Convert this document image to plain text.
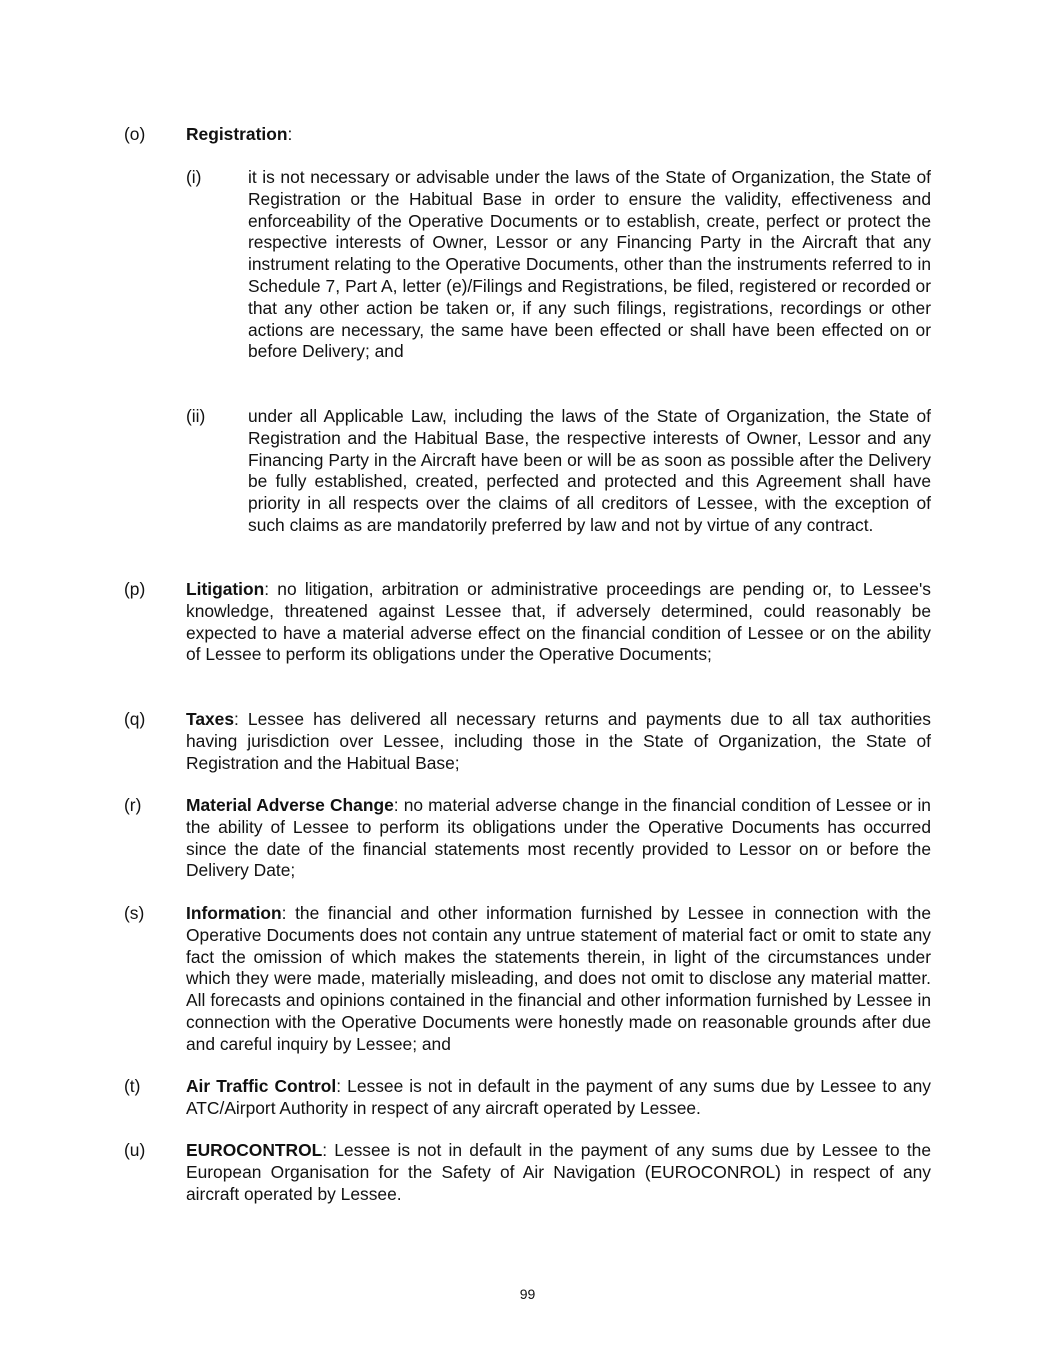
(o)	Registration:
(i)	it is not necessary or advisable under the laws of the State of Organization, the State of Registration or the Habitual Base in order to ensure the validity, effectiveness and enforceability of the Operative Documents or to establish, create, perfect or protect the respective interests of Owner, Lessor or any Financing Party in the Aircraft that any instrument relating to the Operative Documents, other than the instruments referred to in Schedule 7, Part A, letter (e)/Filings and Registrations, be filed, registered or recorded or that any other action be taken or, if any such filings, registrations, recordings or other actions are necessary, the same have been effected or shall have been effected on or before Delivery; and
(ii)	under all Applicable Law, including the laws of the State of Organization, the State of Registration and the Habitual Base, the respective interests of Owner, Lessor and any Financing Party in the Aircraft have been or will be as soon as possible after the Delivery be fully established, created, perfected and protected and this Agreement shall have priority in all respects over the claims of all creditors of Lessee, with the exception of such claims as are mandatorily preferred by law and not by virtue of any contract.
(p)	Litigation: no litigation, arbitration or administrative proceedings are pending or, to Lessee's knowledge, threatened against Lessee that, if adversely determined, could reasonably be expected to have a material adverse effect on the financial condition of Lessee or on the ability of Lessee to perform its obligations under the Operative Documents;
(q)	Taxes: Lessee has delivered all necessary returns and payments due to all tax authorities having jurisdiction over Lessee, including those in the State of Organization, the State of Registration and the Habitual Base;
(r)	Material Adverse Change: no material adverse change in the financial condition of Lessee or in the ability of Lessee to perform its obligations under the Operative Documents has occurred since the date of the financial statements most recently provided to Lessor on or before the Delivery Date;
(s)	Information: the financial and other information furnished by Lessee in connection with the Operative Documents does not contain any untrue statement of material fact or omit to state any fact the omission of which makes the statements therein, in light of the circumstances under which they were made, materially misleading, and does not omit to disclose any material matter. All forecasts and opinions contained in the financial and other information furnished by Lessee in connection with the Operative Documents were honestly made on reasonable grounds after due and careful inquiry by Lessee; and
(t)	Air Traffic Control: Lessee is not in default in the payment of any sums due by Lessee to any ATC/Airport Authority in respect of any aircraft operated by Lessee.
(u)	EUROCONTROL: Lessee is not in default in the payment of any sums due by Lessee to the European Organisation for the Safety of Air Navigation (EUROCONROL) in respect of any aircraft operated by Lessee.
99
